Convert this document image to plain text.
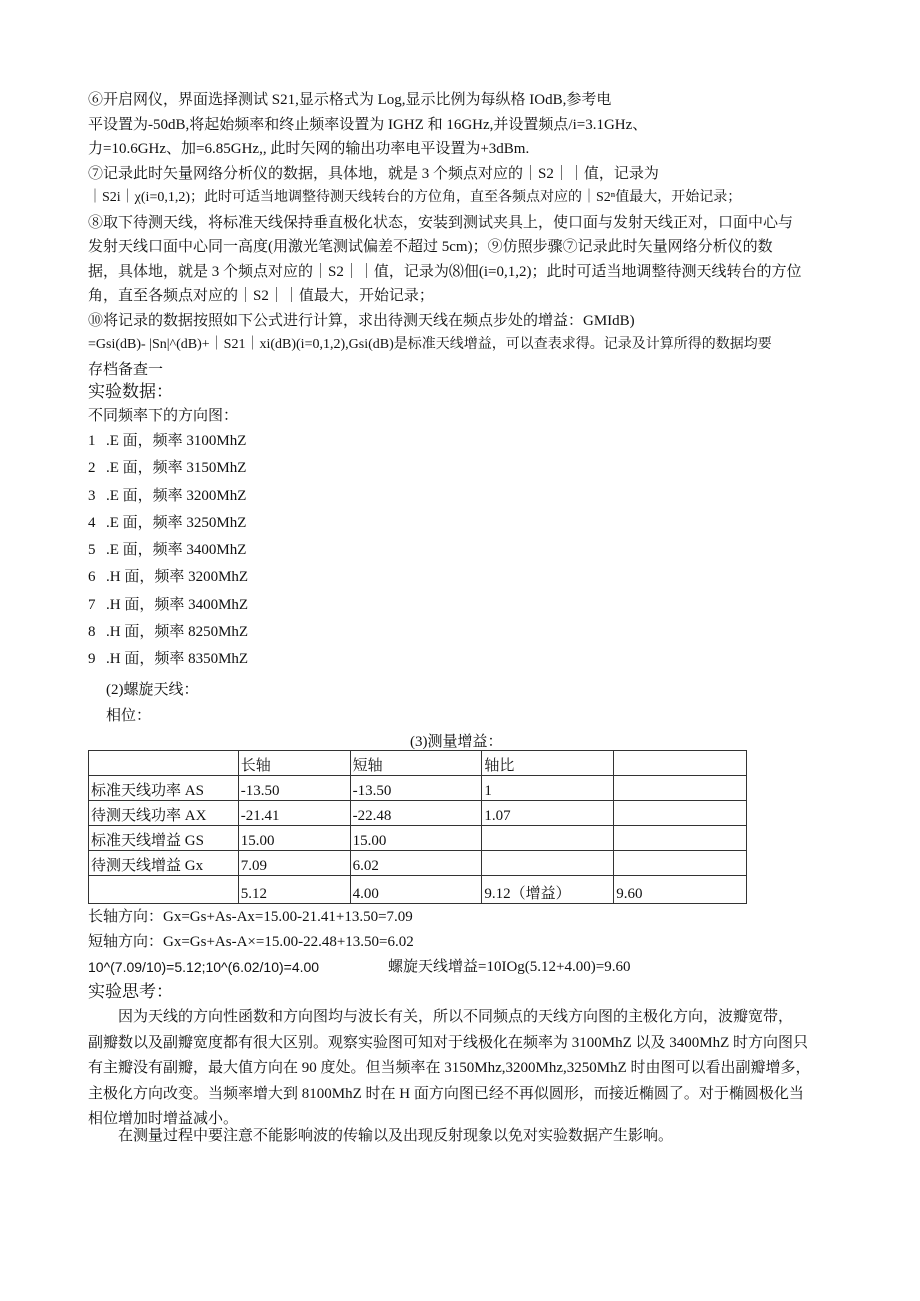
⑥开启网仪，界面选择测试 S21,显示格式为 Log,显示比例为每纵格 IOdB,参考电
平设置为-50dB,将起始频率和终止频率设置为 IGHZ 和 16GHz,并设置频点/i=3.1GHz、
力=10.6GHz、加=6.85GHz,, 此时矢网的输出功率电平设置为+3dBm.
⑦记录此时矢量网络分析仪的数据，具体地，就是 3 个频点对应的｜S2｜｜值，记录为
｜S2i｜χ(i=0,1,2)；此时可适当地调整待测天线转台的方位角，直至各频点对应的｜S2ⁿ值最大，开始记录；
⑧取下待测天线，将标准天线保持垂直极化状态，安装到测试夹具上，使口面与发射天线正对，口面中心与
发射天线口面中心同一高度(用激光笔测试偏差不超过 5cm)；⑨仿照步骤⑦记录此时矢量网络分析仪的数
据，具体地，就是 3 个频点对应的｜S2｜｜值，记录为⑻佃(i=0,1,2)；此时可适当地调整待测天线转台的方位
角，直至各频点对应的｜S2｜｜值最大，开始记录；
⑩将记录的数据按照如下公式进行计算，求出待测天线在频点步处的增益：GMIdB)
=Gsi(dB)- |Sn|^(dB)+｜S21｜xi(dB)(i=0,1,2),Gsi(dB)是标准天线增益，可以查表求得。记录及计算所得的数据均要
存档备查一
实验数据：
不同频率下的方向图：
1 .E 面，频率 3100MhZ
2 .E 面，频率 3150MhZ
3 .E 面，频率 3200MhZ
4 .E 面，频率 3250MhZ
5 .E 面，频率 3400MhZ
6 .H 面，频率 3200MhZ
7 .H 面，频率 3400MhZ
8 .H 面，频率 8250MhZ
9 .H 面，频率 8350MhZ
(2)螺旋天线：
相位：
(3)测量增益：
	长轴	短轴	轴比	
标准天线功率 AS	-13.50	-13.50	1	
待测天线功率 AX	-21.41	-22.48	1.07	
标准天线增益 GS	15.00	15.00		
待测天线增益 Gx	7.09	6.02		
	5.12	4.00	9.12（增益）	9.60
长轴方向：Gx=Gs+As-Ax=15.00-21.41+13.50=7.09
短轴方向：Gx=Gs+As-A×=15.00-22.48+13.50=6.02
10^(7.09/10)=5.12;10^(6.02/10)=4.00	螺旋天线增益=10IOg(5.12+4.00)=9.60
实验思考：
因为天线的方向性函数和方向图均与波长有关，所以不同频点的天线方向图的主极化方向，波瓣宽带，
副瓣数以及副瓣宽度都有很大区别。观察实验图可知对于线极化在频率为 3100MhZ 以及 3400MhZ 时方向图只
有主瓣没有副瓣，最大值方向在 90 度处。但当频率在 3150Mhz,3200Mhz,3250MhZ 时由图可以看出副瓣增多，
主极化方向改变。当频率增大到 8100MhZ 时在 H 面方向图已经不再似圆形，而接近椭圆了。对于椭圆极化当
相位增加时增益减小。
在测量过程中要注意不能影响波的传输以及出现反射现象以免对实验数据产生影响。
